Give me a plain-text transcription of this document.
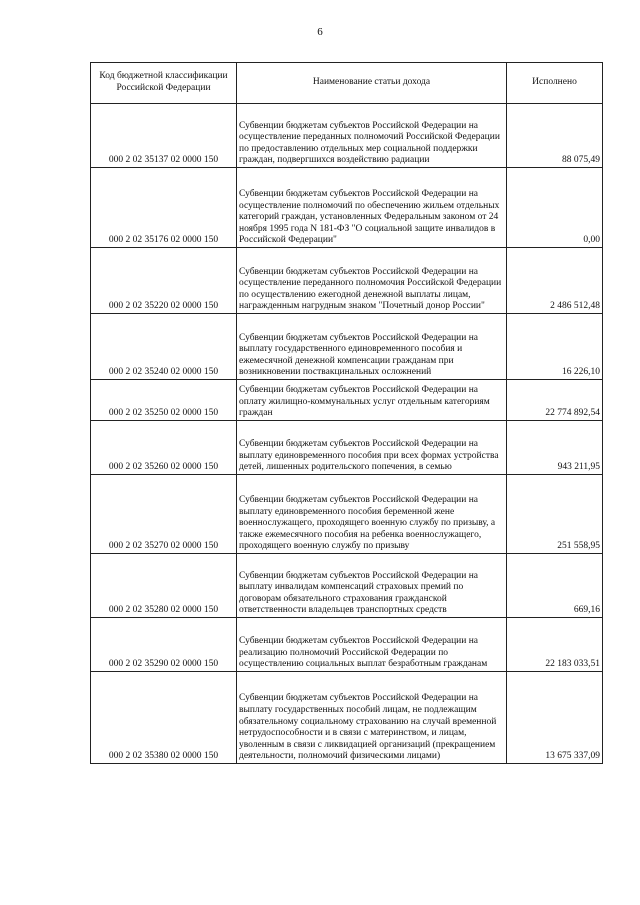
6
Код бюджетной классификации Российской Федерации	Наименование статьи дохода	Исполнено
000 2 02 35137 02 0000 150	Субвенции бюджетам субъектов Российской Федерации на осуществление переданных полномочий Российской Федерации по предоставлению отдельных мер социальной поддержки граждан, подвергшихся воздействию радиации	88 075,49
000 2 02 35176 02 0000 150	Субвенции бюджетам субъектов Российской Федерации на осуществление полномочий по обеспечению жильем отдельных категорий граждан, установленных Федеральным законом от 24 ноября 1995 года N 181-ФЗ "О социальной защите инвалидов в Российской Федерации"	0,00
000 2 02 35220 02 0000 150	Субвенции бюджетам субъектов Российской Федерации на осуществление переданного полномочия Российской Федерации по осуществлению ежегодной денежной выплаты лицам, награжденным нагрудным знаком "Почетный донор России"	2 486 512,48
000 2 02 35240 02 0000 150	Субвенции бюджетам субъектов Российской Федерации на выплату государственного единовременного пособия и ежемесячной денежной компенсации гражданам при возникновении поствакцинальных осложнений	16 226,10
000 2 02 35250 02 0000 150	Субвенции бюджетам субъектов Российской Федерации на оплату жилищно-коммунальных услуг отдельным категориям граждан	22 774 892,54
000 2 02 35260 02 0000 150	Субвенции бюджетам субъектов Российской Федерации на выплату единовременного пособия при всех формах устройства детей, лишенных родительского попечения, в семью	943 211,95
000 2 02 35270 02 0000 150	Субвенции бюджетам субъектов Российской Федерации на выплату единовременного пособия беременной жене военнослужащего, проходящего военную службу по призыву, а также ежемесячного пособия на ребенка военнослужащего, проходящего военную службу по призыву	251 558,95
000 2 02 35280 02 0000 150	Субвенции бюджетам субъектов Российской Федерации на выплату инвалидам компенсаций страховых премий по договорам обязательного страхования гражданской ответственности владельцев транспортных средств	669,16
000 2 02 35290 02 0000 150	Субвенции бюджетам субъектов Российской Федерации на реализацию полномочий Российской Федерации по осуществлению социальных выплат безработным гражданам	22 183 033,51
000 2 02 35380 02 0000 150	Субвенции бюджетам субъектов Российской Федерации на выплату государственных пособий лицам, не подлежащим обязательному социальному страхованию на случай временной нетрудоспособности и в связи с материнством, и лицам, уволенным в связи с ликвидацией организаций (прекращением деятельности, полномочий физическими лицами)	13 675 337,09
